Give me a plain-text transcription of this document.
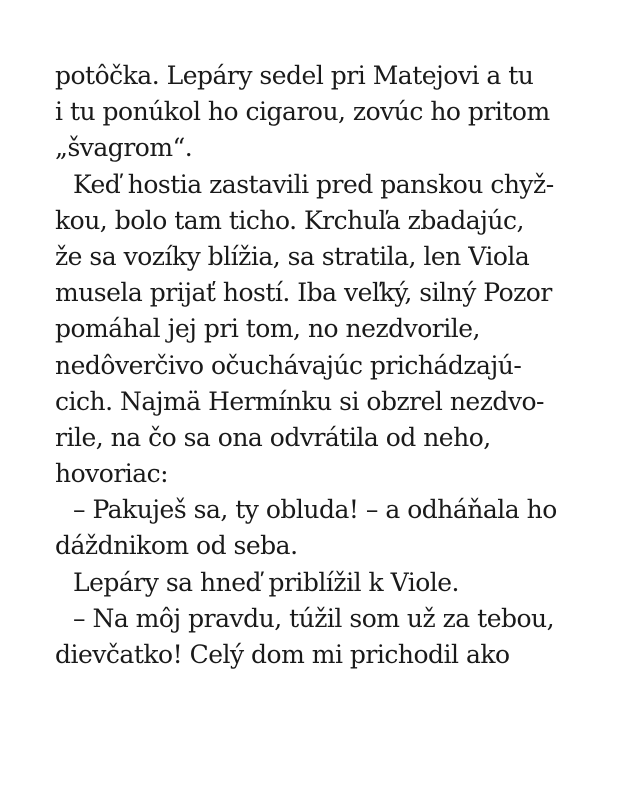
potôčka. Lepáry sedel pri Matejovi a tu
i tu ponúkol ho cigarou, zovúc ho pritom
„švagrom“.
Keď hostia zastavili pred panskou chyž-
kou, bolo tam ticho. Krchuľa zbadajúc,
že sa vozíky blížia, sa stratila, len Viola
musela prijať hostí. Iba veľký, silný Pozor
pomáhal jej pri tom, no nezdvorile,
nedôverčivo očuchávajúc prichádzajú-
cich. Najmä Hermínku si obzrel nezdvo-
rile, na čo sa ona odvrátila od neho,
hovoriac:
– Pakuješ sa, ty obluda! – a odháňala ho
dáždnikom od seba.
Lepáry sa hneď priblížil k Viole.
– Na môj pravdu, túžil som už za tebou,
dievčatko! Celý dom mi prichodil ako
